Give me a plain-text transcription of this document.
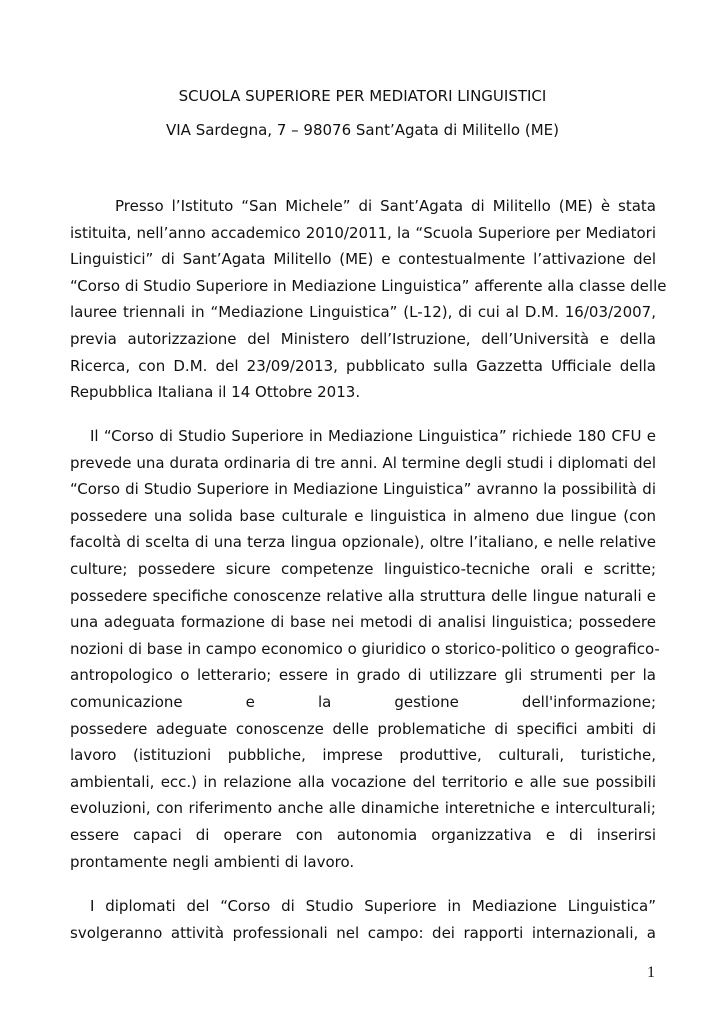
SCUOLA SUPERIORE PER MEDIATORI LINGUISTICI
VIA Sardegna, 7 – 98076 Sant’Agata di Militello (ME)
Presso l’Istituto “San Michele” di Sant’Agata di Militello (ME) è stata
istituita, nell’anno accademico 2010/2011, la “Scuola Superiore per Mediatori
Linguistici” di Sant’Agata Militello (ME) e contestualmente l’attivazione del
“Corso di Studio Superiore in Mediazione Linguistica” afferente alla classe delle
lauree triennali in “Mediazione Linguistica” (L-12), di cui al D.M. 16/03/2007,
previa autorizzazione del Ministero dell’Istruzione, dell’Università e della
Ricerca, con D.M. del 23/09/2013, pubblicato sulla Gazzetta Ufficiale della
Repubblica Italiana il 14 Ottobre 2013.
Il “Corso di Studio Superiore in Mediazione Linguistica” richiede 180 CFU e
prevede una durata ordinaria di tre anni. Al termine degli studi i diplomati del
“Corso di Studio Superiore in Mediazione Linguistica” avranno la possibilità di
possedere una solida base culturale e linguistica in almeno due lingue (con
facoltà di scelta di una terza lingua opzionale), oltre l’italiano, e nelle relative
culture; possedere sicure competenze linguistico-tecniche orali e scritte;
possedere specifiche conoscenze relative alla struttura delle lingue naturali e
una adeguata formazione di base nei metodi di analisi linguistica; possedere
nozioni di base in campo economico o giuridico o storico-politico o geografico-
antropologico o letterario; essere in grado di utilizzare gli strumenti per la
comunicazione e la gestione dell'informazione;
possedere adeguate conoscenze delle problematiche di specifici ambiti di
lavoro (istituzioni pubbliche, imprese produttive, culturali, turistiche,
ambientali, ecc.) in relazione alla vocazione del territorio e alle sue possibili
evoluzioni, con riferimento anche alle dinamiche interetniche e interculturali;
essere capaci di operare con autonomia organizzativa e di inserirsi
prontamente negli ambienti di lavoro.
I diplomati del “Corso di Studio Superiore in Mediazione Linguistica”
svolgeranno attività professionali nel campo: dei rapporti internazionali, a
1
